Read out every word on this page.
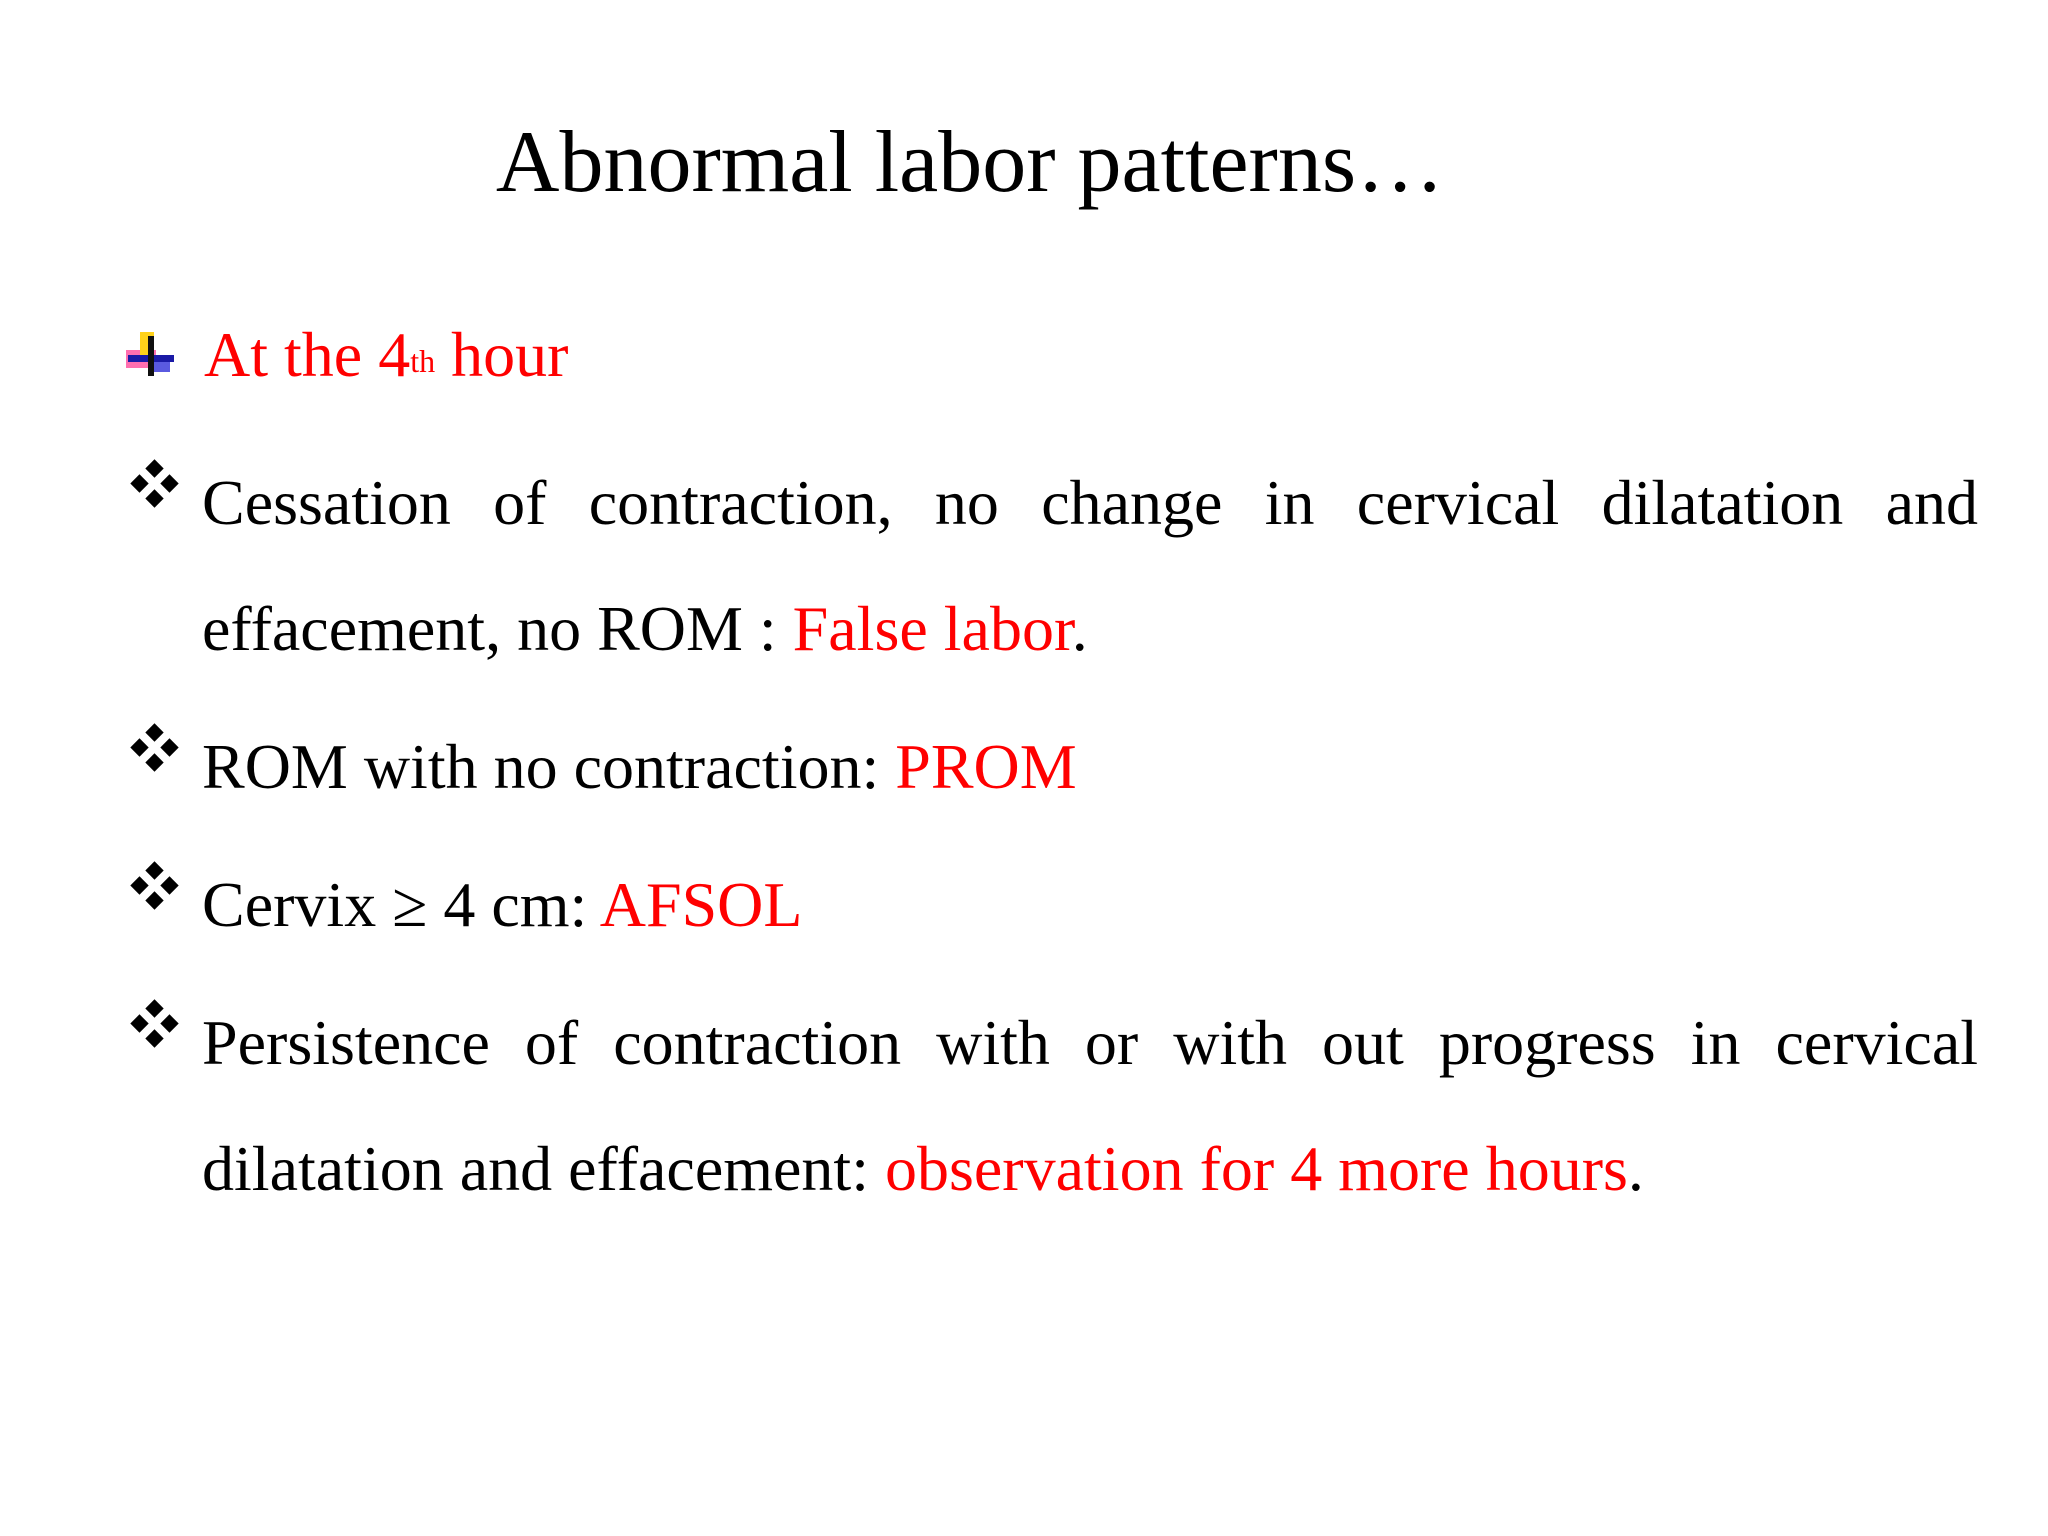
Abnormal labor patterns…
At the 4th hour
Cessation of contraction, no change in cervical dilatation and effacement, no ROM : False labor.
ROM with no contraction: PROM
Cervix ≥ 4 cm: AFSOL
Persistence of contraction with or with out progress in cervical dilatation and effacement: observation for 4 more hours.
